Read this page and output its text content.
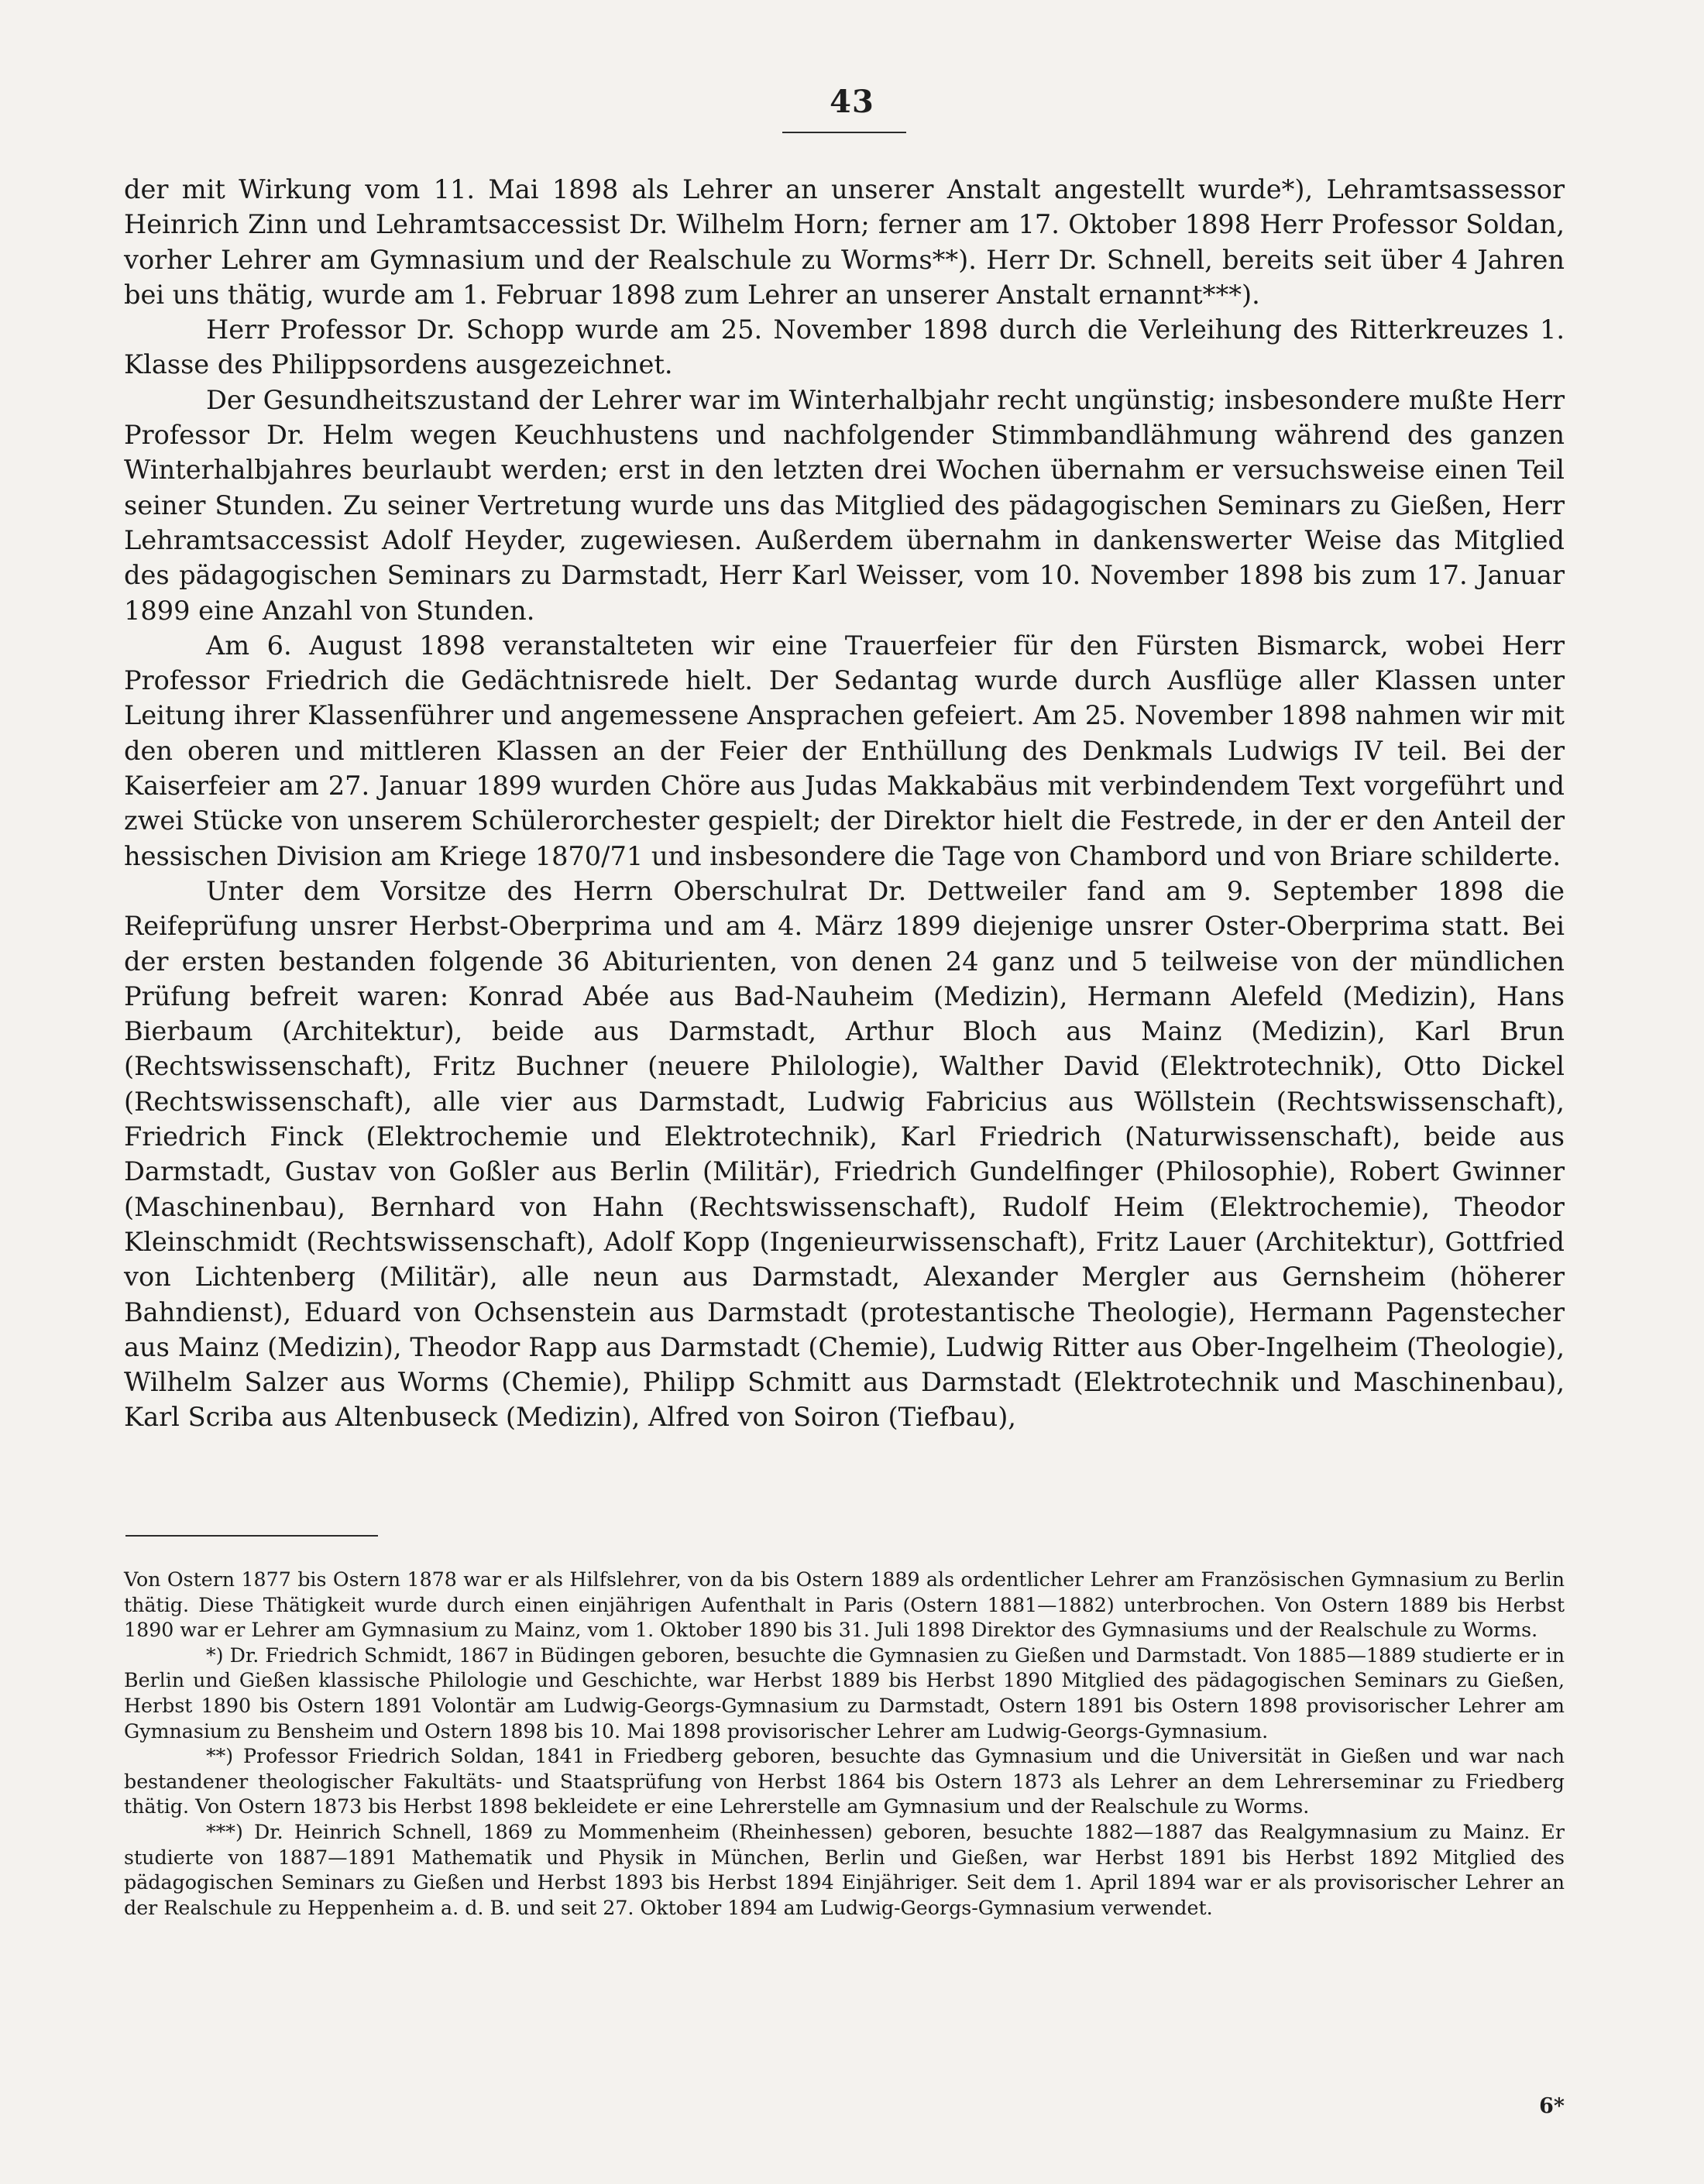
43

der mit Wirkung vom 11. Mai 1898 als Lehrer an unserer Anstalt angestellt wurde*), Lehramtsassessor Heinrich Zinn und Lehramtsaccessist Dr. Wilhelm Horn; ferner am 17. Oktober 1898 Herr Professor Soldan, vorher Lehrer am Gymnasium und der Realschule zu Worms**). Herr Dr. Schnell, bereits seit über 4 Jahren bei uns thätig, wurde am 1. Februar 1898 zum Lehrer an unserer Anstalt ernannt***).

Herr Professor Dr. Schopp wurde am 25. November 1898 durch die Verleihung des Ritterkreuzes 1. Klasse des Philippsordens ausgezeichnet.

Der Gesundheitszustand der Lehrer war im Winterhalbjahr recht ungünstig; insbesondere mußte Herr Professor Dr. Helm wegen Keuchhustens und nachfolgender Stimmbandlähmung während des ganzen Winterhalbjahres beurlaubt werden; erst in den letzten drei Wochen übernahm er versuchsweise einen Teil seiner Stunden. Zu seiner Vertretung wurde uns das Mitglied des pädagogischen Seminars zu Gießen, Herr Lehramtsaccessist Adolf Heyder, zugewiesen. Außerdem übernahm in dankenswerter Weise das Mitglied des pädagogischen Seminars zu Darmstadt, Herr Karl Weisser, vom 10. November 1898 bis zum 17. Januar 1899 eine Anzahl von Stunden.

Am 6. August 1898 veranstalteten wir eine Trauerfeier für den Fürsten Bismarck, wobei Herr Professor Friedrich die Gedächtnisrede hielt. Der Sedantag wurde durch Ausflüge aller Klassen unter Leitung ihrer Klassenführer und angemessene Ansprachen gefeiert. Am 25. November 1898 nahmen wir mit den oberen und mittleren Klassen an der Feier der Enthüllung des Denkmals Ludwigs IV teil. Bei der Kaiserfeier am 27. Januar 1899 wurden Chöre aus Judas Makkabäus mit verbindendem Text vorgeführt und zwei Stücke von unserem Schülerorchester gespielt; der Direktor hielt die Festrede, in der er den Anteil der hessischen Division am Kriege 1870/71 und insbesondere die Tage von Chambord und von Briare schilderte.

Unter dem Vorsitze des Herrn Oberschulrat Dr. Dettweiler fand am 9. September 1898 die Reifeprüfung unsrer Herbst-Oberprima und am 4. März 1899 diejenige unsrer Oster-Oberprima statt. Bei der ersten bestanden folgende 36 Abiturienten, von denen 24 ganz und 5 teilweise von der mündlichen Prüfung befreit waren: Konrad Abée aus Bad-Nauheim (Medizin), Hermann Alefeld (Medizin), Hans Bierbaum (Architektur), beide aus Darmstadt, Arthur Bloch aus Mainz (Medizin), Karl Brun (Rechtswissenschaft), Fritz Buchner (neuere Philologie), Walther David (Elektrotechnik), Otto Dickel (Rechtswissenschaft), alle vier aus Darmstadt, Ludwig Fabricius aus Wöllstein (Rechtswissenschaft), Friedrich Finck (Elektrochemie und Elektrotechnik), Karl Friedrich (Naturwissenschaft), beide aus Darmstadt, Gustav von Goßler aus Berlin (Militär), Friedrich Gundelfinger (Philosophie), Robert Gwinner (Maschinenbau), Bernhard von Hahn (Rechtswissenschaft), Rudolf Heim (Elektrochemie), Theodor Kleinschmidt (Rechtswissenschaft), Adolf Kopp (Ingenieurwissenschaft), Fritz Lauer (Architektur), Gottfried von Lichtenberg (Militär), alle neun aus Darmstadt, Alexander Mergler aus Gernsheim (höherer Bahndienst), Eduard von Ochsenstein aus Darmstadt (protestantische Theologie), Hermann Pagenstecher aus Mainz (Medizin), Theodor Rapp aus Darmstadt (Chemie), Ludwig Ritter aus Ober-Ingelheim (Theologie), Wilhelm Salzer aus Worms (Chemie), Philipp Schmitt aus Darmstadt (Elektrotechnik und Maschinenbau), Karl Scriba aus Altenbuseck (Medizin), Alfred von Soiron (Tiefbau),

Von Ostern 1877 bis Ostern 1878 war er als Hilfslehrer, von da bis Ostern 1889 als ordentlicher Lehrer am Französischen Gymnasium zu Berlin thätig. Diese Thätigkeit wurde durch einen einjährigen Aufenthalt in Paris (Ostern 1881—1882) unterbrochen. Von Ostern 1889 bis Herbst 1890 war er Lehrer am Gymnasium zu Mainz, vom 1. Oktober 1890 bis 31. Juli 1898 Direktor des Gymnasiums und der Realschule zu Worms.

*) Dr. Friedrich Schmidt, 1867 in Büdingen geboren, besuchte die Gymnasien zu Gießen und Darmstadt. Von 1885—1889 studierte er in Berlin und Gießen klassische Philologie und Geschichte, war Herbst 1889 bis Herbst 1890 Mitglied des pädagogischen Seminars zu Gießen, Herbst 1890 bis Ostern 1891 Volontär am Ludwig-Georgs-Gymnasium zu Darmstadt, Ostern 1891 bis Ostern 1898 provisorischer Lehrer am Gymnasium zu Bensheim und Ostern 1898 bis 10. Mai 1898 provisorischer Lehrer am Ludwig-Georgs-Gymnasium.

**) Professor Friedrich Soldan, 1841 in Friedberg geboren, besuchte das Gymnasium und die Universität in Gießen und war nach bestandener theologischer Fakultäts- und Staatsprüfung von Herbst 1864 bis Ostern 1873 als Lehrer an dem Lehrerseminar zu Friedberg thätig. Von Ostern 1873 bis Herbst 1898 bekleidete er eine Lehrerstelle am Gymnasium und der Realschule zu Worms.

***) Dr. Heinrich Schnell, 1869 zu Mommenheim (Rheinhessen) geboren, besuchte 1882—1887 das Realgymnasium zu Mainz. Er studierte von 1887—1891 Mathematik und Physik in München, Berlin und Gießen, war Herbst 1891 bis Herbst 1892 Mitglied des pädagogischen Seminars zu Gießen und Herbst 1893 bis Herbst 1894 Einjähriger. Seit dem 1. April 1894 war er als provisorischer Lehrer an der Realschule zu Heppenheim a. d. B. und seit 27. Oktober 1894 am Ludwig-Georgs-Gymnasium verwendet.

6*
